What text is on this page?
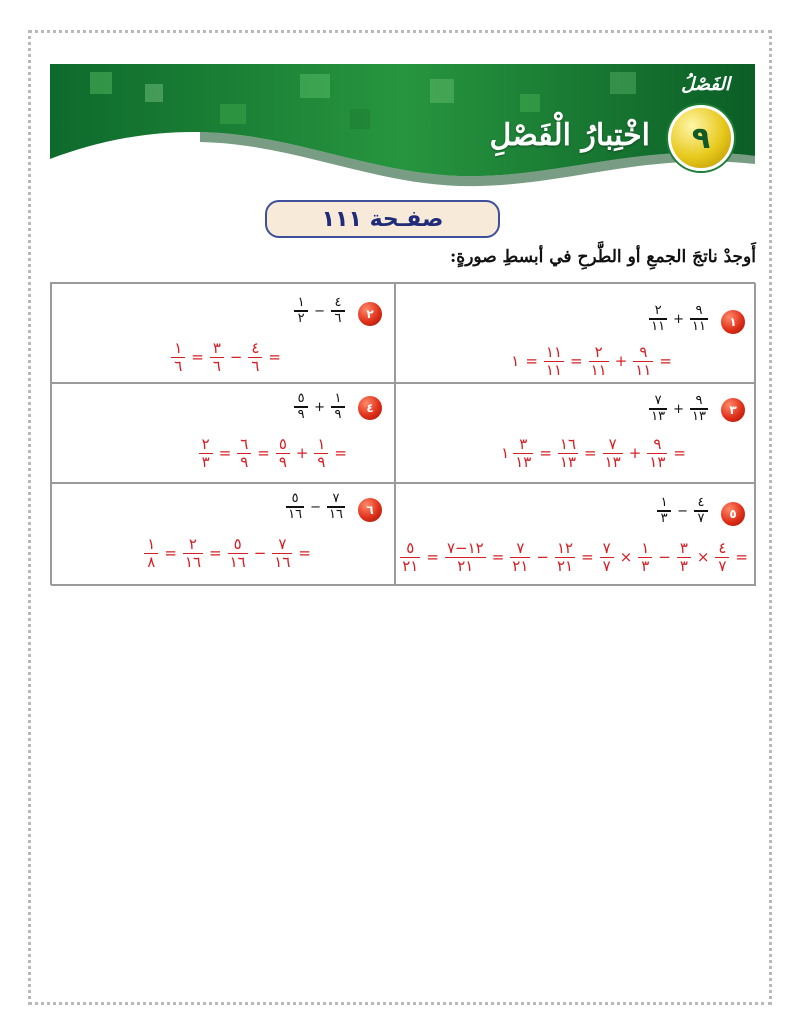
الفَصْلُ
٩
اخْتِبارُ الْفَصْلِ
صفـحة ١١١
أَوجدْ ناتجَ الجمعِ أو الطَّرحِ في أبسطِ صورةٍ:
١
$\frac{٢}{١١} + \frac{٩}{١١}$
١ = $\frac{١١}{١١} = \frac{٢}{١١} + \frac{٩}{١١}$ =
٢
$\frac{١}{٢} - \frac{٤}{٦}$
$\frac{١}{٦} = \frac{٣}{٦} - \frac{٤}{٦}$ =
٣
$\frac{٧}{١٣} + \frac{٩}{١٣}$
١ $\frac{٣}{١٣} = \frac{١٦}{١٣} = \frac{٧}{١٣} + \frac{٩}{١٣}$ =
٤
$\frac{٥}{٩} + \frac{١}{٩}$
$\frac{٢}{٣} = \frac{٦}{٩} = \frac{٥}{٩} + \frac{١}{٩}$ =
٥
$\frac{١}{٣} - \frac{٤}{٧}$
$\frac{٥}{٢١} = \frac{١٢-٧}{٢١} = \frac{٧}{٢١} - \frac{١٢}{٢١} = \frac{٧}{٧} \times \frac{١}{٣} - \frac{٣}{٣} \times \frac{٤}{٧}$ =
٦
$\frac{٥}{١٦} - \frac{٧}{١٦}$
$\frac{١}{٨} = \frac{٢}{١٦} = \frac{٥}{١٦} - \frac{٧}{١٦}$ =
